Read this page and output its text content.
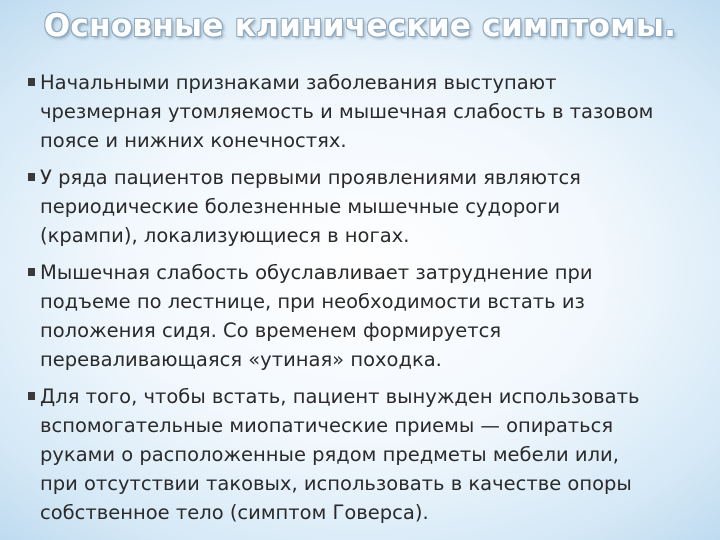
Основные клинические симптомы.
Начальными признаками заболевания выступают
чрезмерная утомляемость и мышечная слабость в тазовом
поясе и нижних конечностях.
У ряда пациентов первыми проявлениями являются
периодические болезненные мышечные судороги
(крампи), локализующиеся в ногах.
Мышечная слабость обуславливает затруднение при
подъеме по лестнице, при необходимости встать из
положения сидя. Со временем формируется
переваливающаяся «утиная» походка.
Для того, чтобы встать, пациент вынужден использовать
вспомогательные миопатические приемы — опираться
руками о расположенные рядом предметы мебели или,
при отсутствии таковых, использовать в качестве опоры
собственное тело (симптом Говерса).
